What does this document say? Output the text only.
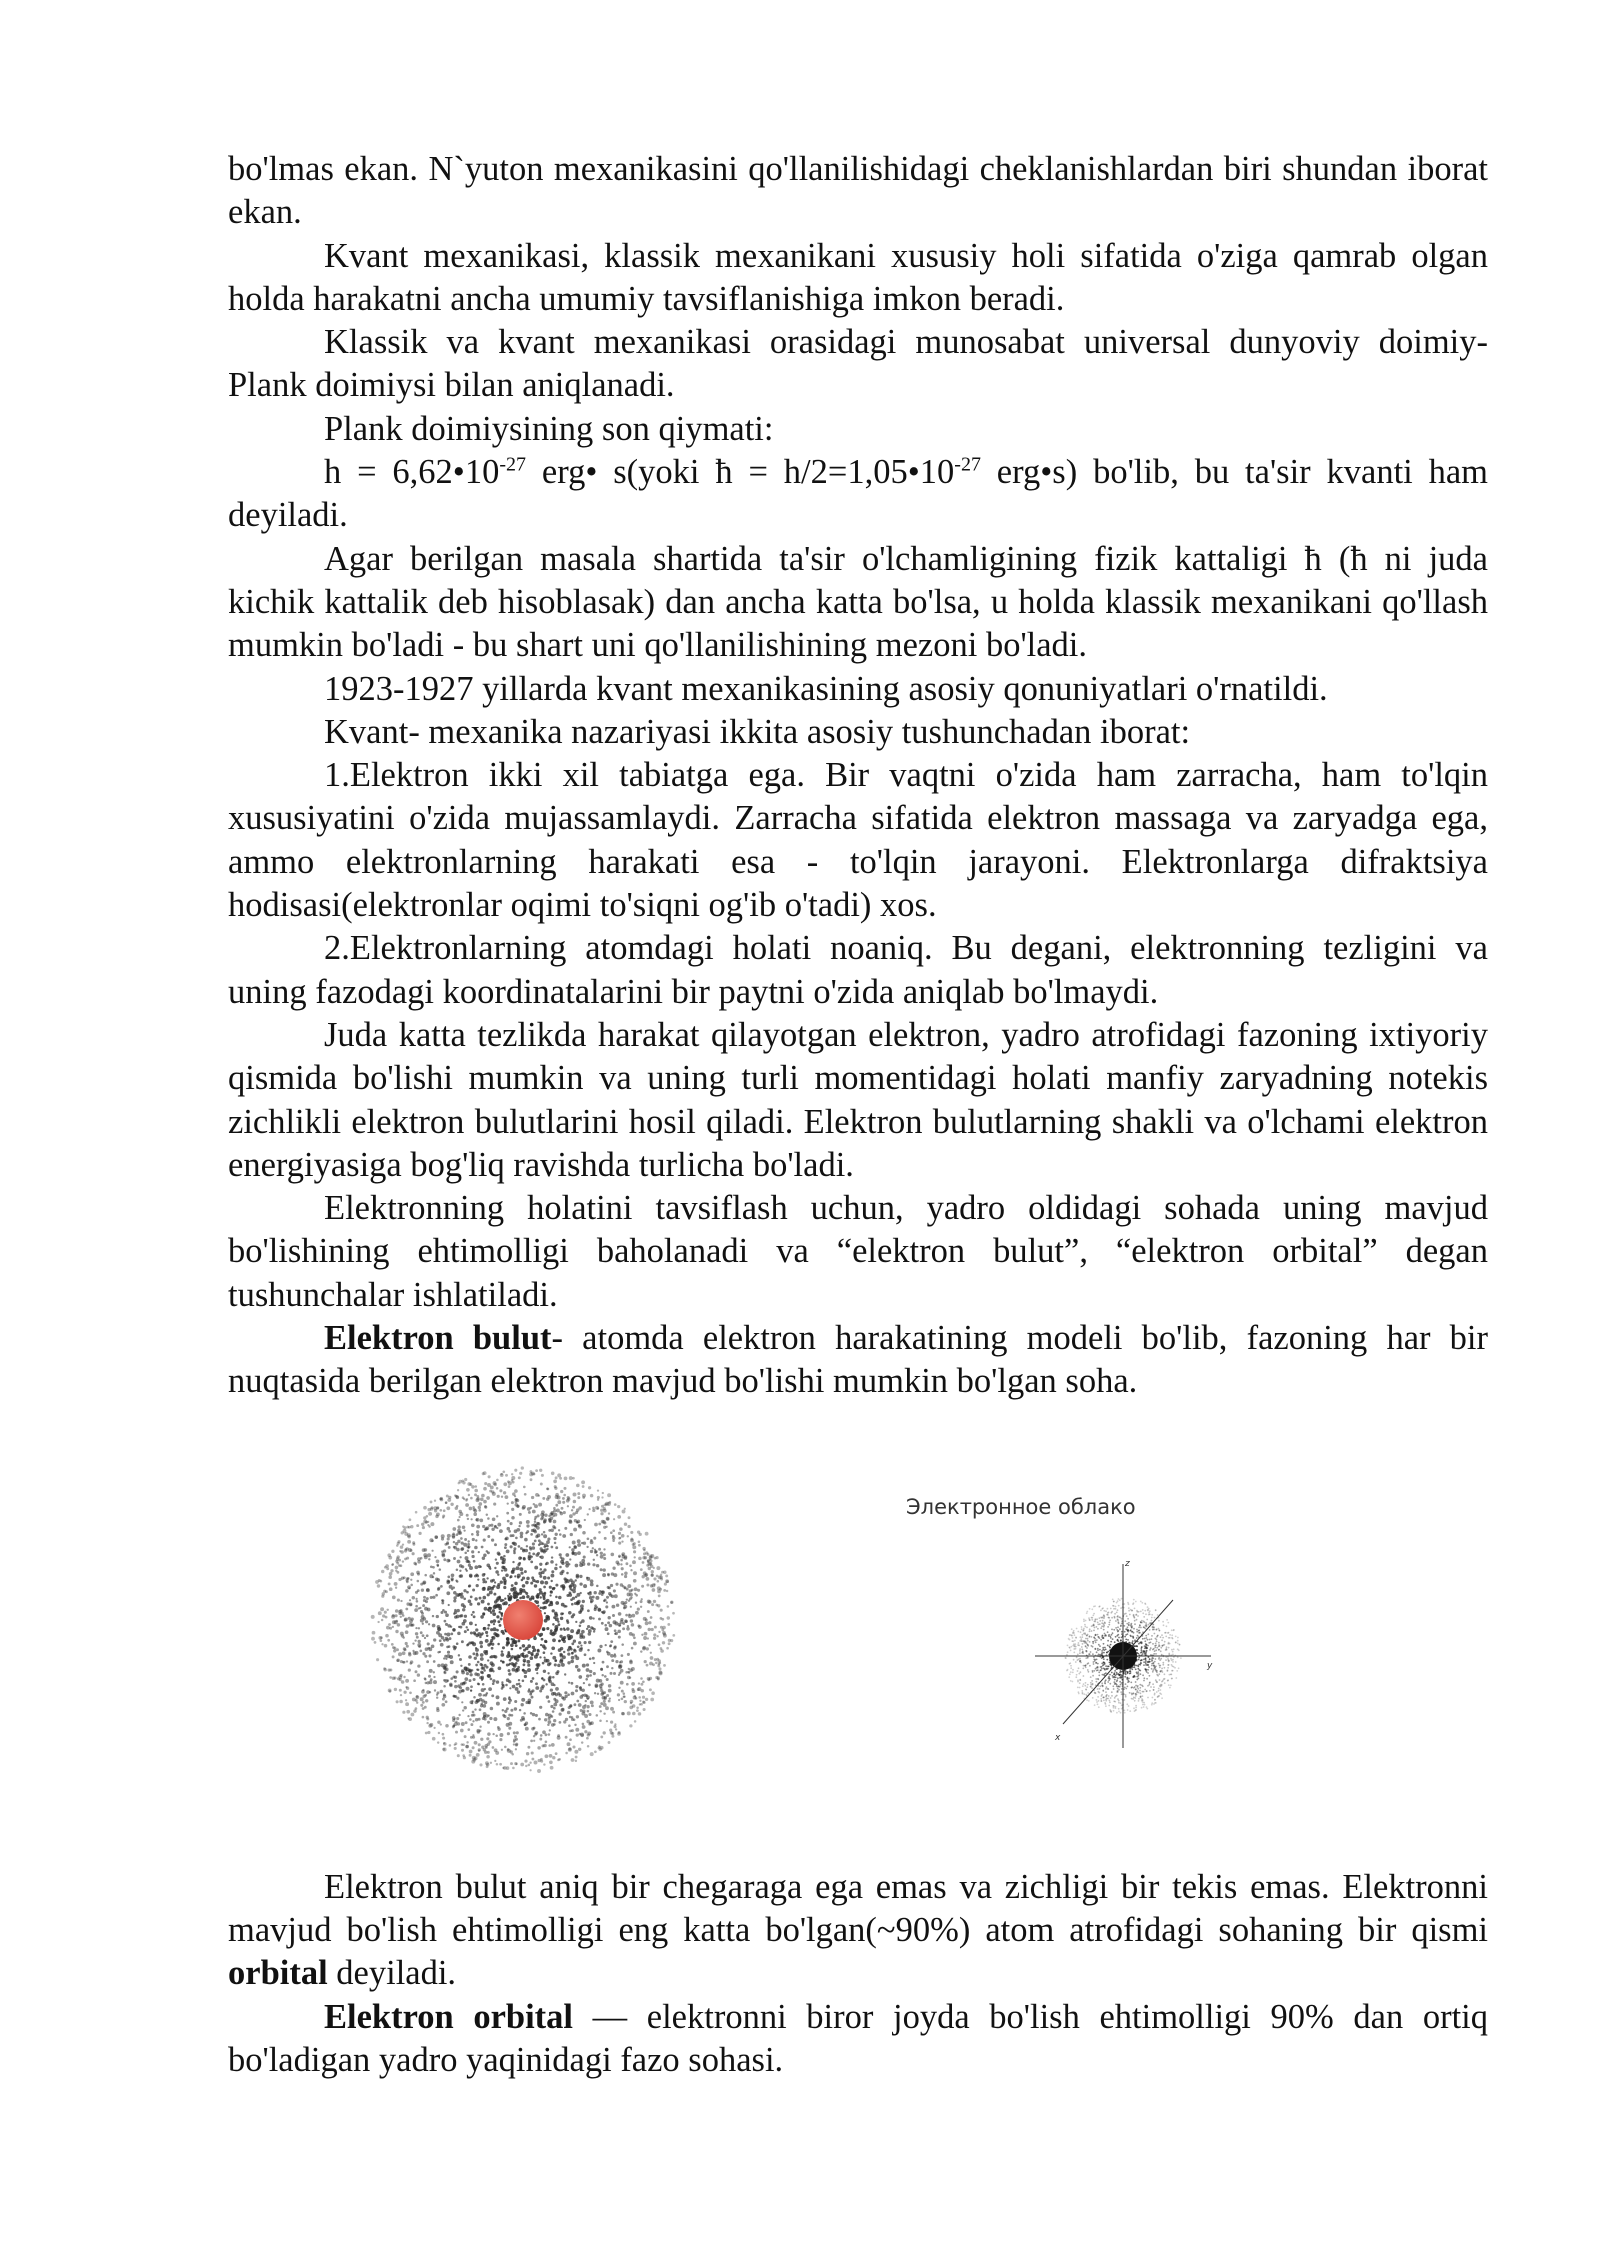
bo'lmas ekan. N`yuton mexanikasini qo'llanilishidagi cheklanishlardan biri shundan iborat ekan.

Kvant mexanikasi, klassik mexanikani xususiy holi sifatida o'ziga qamrab olgan holda harakatni ancha umumiy tavsiflanishiga imkon beradi.

Klassik va kvant mexanikasi orasidagi munosabat universal dunyoviy doimiy- Plank doimiysi bilan aniqlanadi.

Plank doimiysining son qiymati:

$h = 6,62•10^{-27}$ erg• s(yoki ħ = $h/2=1,05•10^{-27}$ erg•s) bo'lib, bu ta'sir kvanti ham deyiladi.

Agar berilgan masala shartida ta'sir o'lchamligining fizik kattaligi ħ (ħ ni juda kichik kattalik deb hisoblasak) dan ancha katta bo'lsa, u holda klassik mexanikani qo'llash mumkin bo'ladi - bu shart uni qo'llanilishining mezoni bo'ladi.

1923-1927 yillarda kvant mexanikasining asosiy qonuniyatlari o'rnatildi.

Kvant- mexanika nazariyasi ikkita asosiy tushunchadan iborat:

1.Elektron ikki xil tabiatga ega. Bir vaqtni o'zida ham zarracha, ham to'lqin xususiyatini o'zida mujassamlaydi. Zarracha sifatida elektron massaga va zaryadga ega, ammo elektronlarning harakati esa - to'lqin jarayoni. Elektronlarga difraktsiya hodisasi(elektronlar oqimi to'siqni og'ib o'tadi) xos.

2.Elektronlarning atomdagi holati noaniq. Bu degani, elektronning tezligini va uning fazodagi koordinatalarini bir paytni o'zida aniqlab bo'lmaydi.

Juda katta tezlikda harakat qilayotgan elektron, yadro atrofidagi fazoning ixtiyoriy qismida bo'lishi mumkin va uning turli momentidagi holati manfiy zaryadning notekis zichlikli elektron bulutlarini hosil qiladi. Elektron bulutlarning shakli va o'lchami elektron energiyasiga bog'liq ravishda turlicha bo'ladi.

Elektronning holatini tavsiflash uchun, yadro oldidagi sohada uning mavjud bo'lishining ehtimolligi baholanadi va “elektron bulut”, “elektron orbital” degan tushunchalar ishlatiladi.

Elektron bulut- atomda elektron harakatining modeli bo'lib, fazoning har bir nuqtasida berilgan elektron mavjud bo'lishi mumkin bo'lgan soha.

Электронное облако
z
y
x

Elektron bulut aniq bir chegaraga ega emas va zichligi bir tekis emas. Elektronni mavjud bo'lish ehtimolligi eng katta bo'lgan(~90%) atom atrofidagi sohaning bir qismi orbital deyiladi.

Elektron orbital — elektronni biror joyda bo'lish ehtimolligi 90% dan ortiq bo'ladigan yadro yaqinidagi fazo sohasi.
